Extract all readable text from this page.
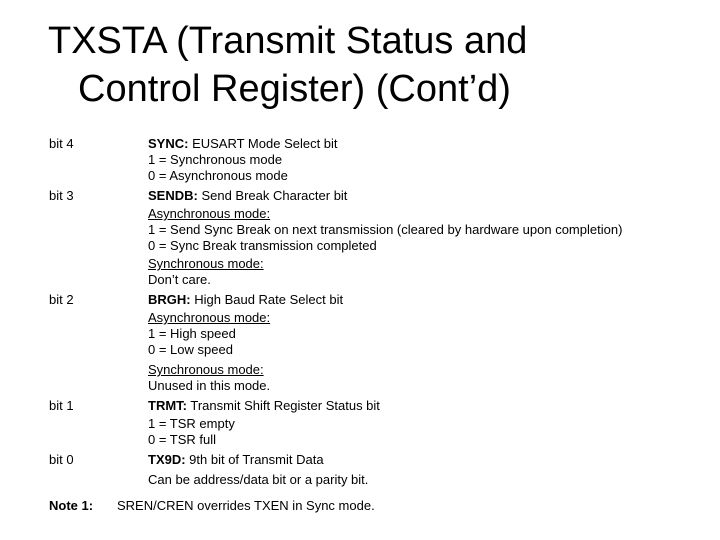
TXSTA (Transmit Status and
Control Register) (Cont’d)
bit 4	SYNC: EUSART Mode Select bit
1 = Synchronous mode
0 = Asynchronous mode
bit 3	SENDB: Send Break Character bit
Asynchronous mode:
1 = Send Sync Break on next transmission (cleared by hardware upon completion)
0 = Sync Break transmission completed
Synchronous mode:
Don’t care.
bit 2	BRGH: High Baud Rate Select bit
Asynchronous mode:
1 = High speed
0 = Low speed
Synchronous mode:
Unused in this mode.
bit 1	TRMT: Transmit Shift Register Status bit
1 = TSR empty
0 = TSR full
bit 0	TX9D: 9th bit of Transmit Data
Can be address/data bit or a parity bit.
Note 1:	SREN/CREN overrides TXEN in Sync mode.
